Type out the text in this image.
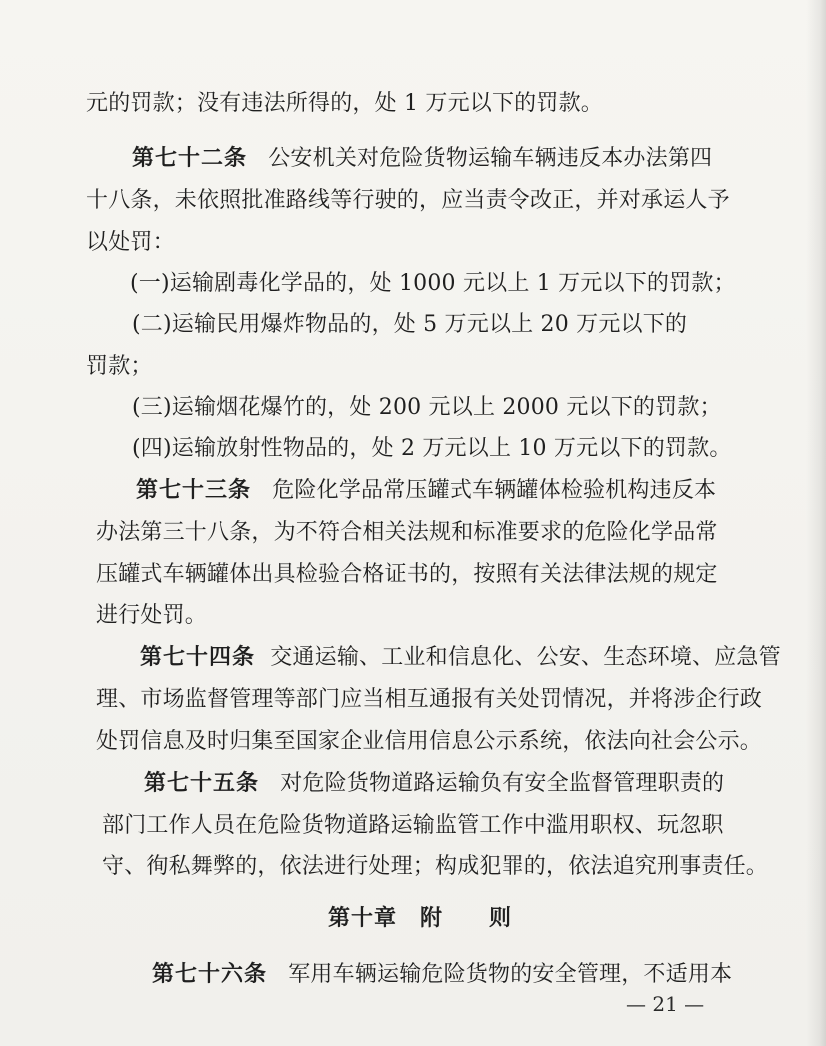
元的罚款；没有违法所得的，处 1 万元以下的罚款。
第七十二条 公安机关对危险货物运输车辆违反本办法第四
十八条，未依照批准路线等行驶的，应当责令改正，并对承运人予
以处罚：
(一)运输剧毒化学品的，处 1000 元以上 1 万元以下的罚款；
(二)运输民用爆炸物品的，处 5 万元以上 20 万元以下的
罚款；
(三)运输烟花爆竹的，处 200 元以上 2000 元以下的罚款；
(四)运输放射性物品的，处 2 万元以上 10 万元以下的罚款。
第七十三条 危险化学品常压罐式车辆罐体检验机构违反本
办法第三十八条，为不符合相关法规和标准要求的危险化学品常
压罐式车辆罐体出具检验合格证书的，按照有关法律法规的规定
进行处罚。
第七十四条 交通运输、工业和信息化、公安、生态环境、应急管
理、市场监督管理等部门应当相互通报有关处罚情况，并将涉企行政
处罚信息及时归集至国家企业信用信息公示系统，依法向社会公示。
第七十五条 对危险货物道路运输负有安全监督管理职责的
部门工作人员在危险货物道路运输监管工作中滥用职权、玩忽职
守、徇私舞弊的，依法进行处理；构成犯罪的，依法追究刑事责任。
第十章　附　　则
第七十六条 军用车辆运输危险货物的安全管理，不适用本
— 21 —
